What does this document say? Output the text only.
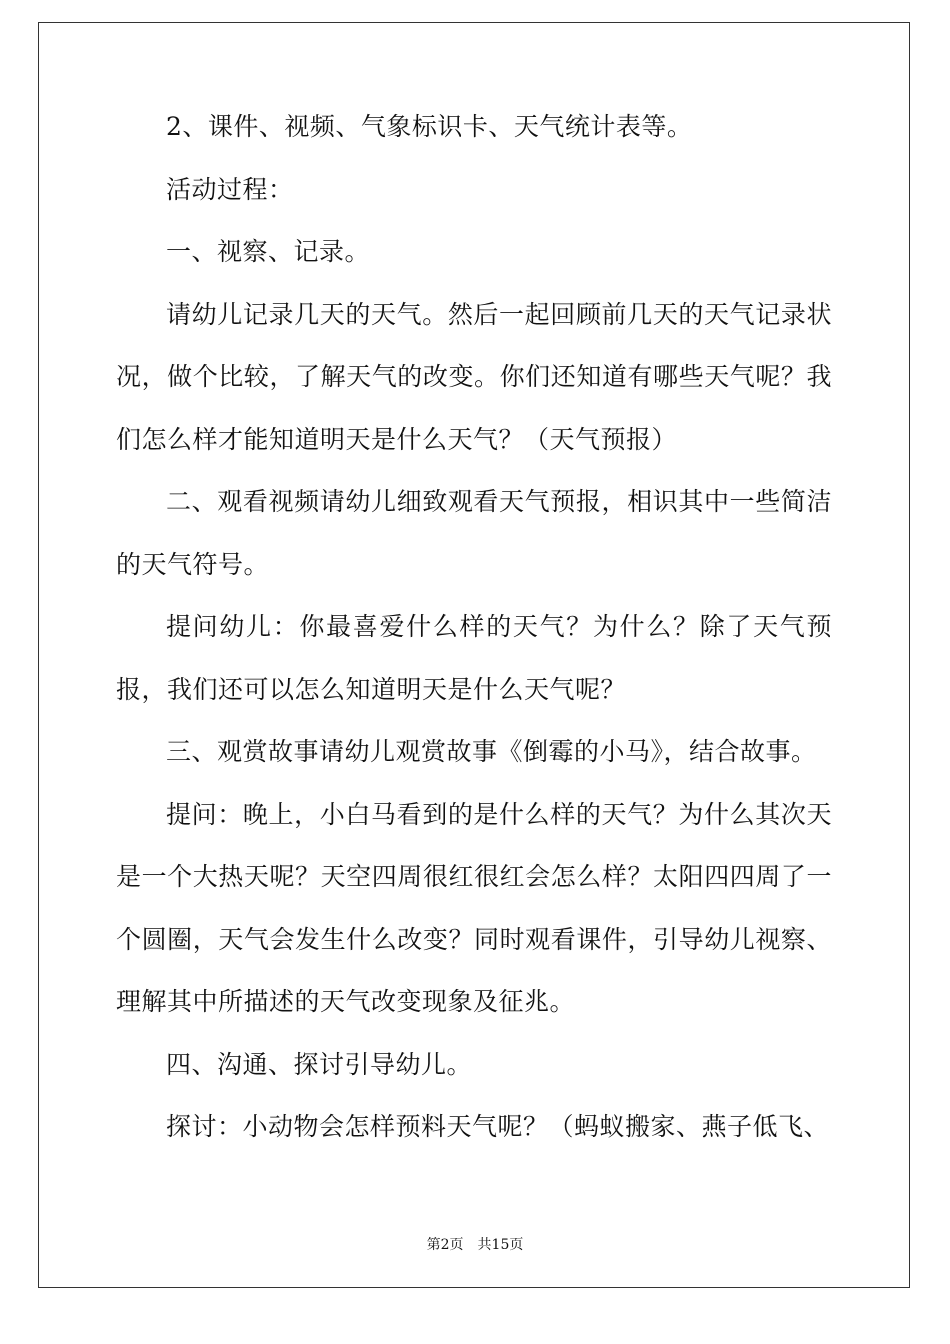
2、课件、视频、气象标识卡、天气统计表等。

活动过程：

一、视察、记录。

请幼儿记录几天的天气。然后一起回顾前几天的天气记录状况，做个比较，了解天气的改变。你们还知道有哪些天气呢？我们怎么样才能知道明天是什么天气？（天气预报）

二、观看视频请幼儿细致观看天气预报，相识其中一些简洁的天气符号。

提问幼儿：你最喜爱什么样的天气？为什么？除了天气预报，我们还可以怎么知道明天是什么天气呢？

三、观赏故事请幼儿观赏故事《倒霉的小马》，结合故事。

提问：晚上，小白马看到的是什么样的天气？为什么其次天是一个大热天呢？天空四周很红很红会怎么样？太阳四四周了一个圆圈，天气会发生什么改变？同时观看课件，引导幼儿视察、理解其中所描述的天气改变现象及征兆。

四、沟通、探讨引导幼儿。

探讨：小动物会怎样预料天气呢？（蚂蚁搬家、燕子低飞、

第2页 共15页
